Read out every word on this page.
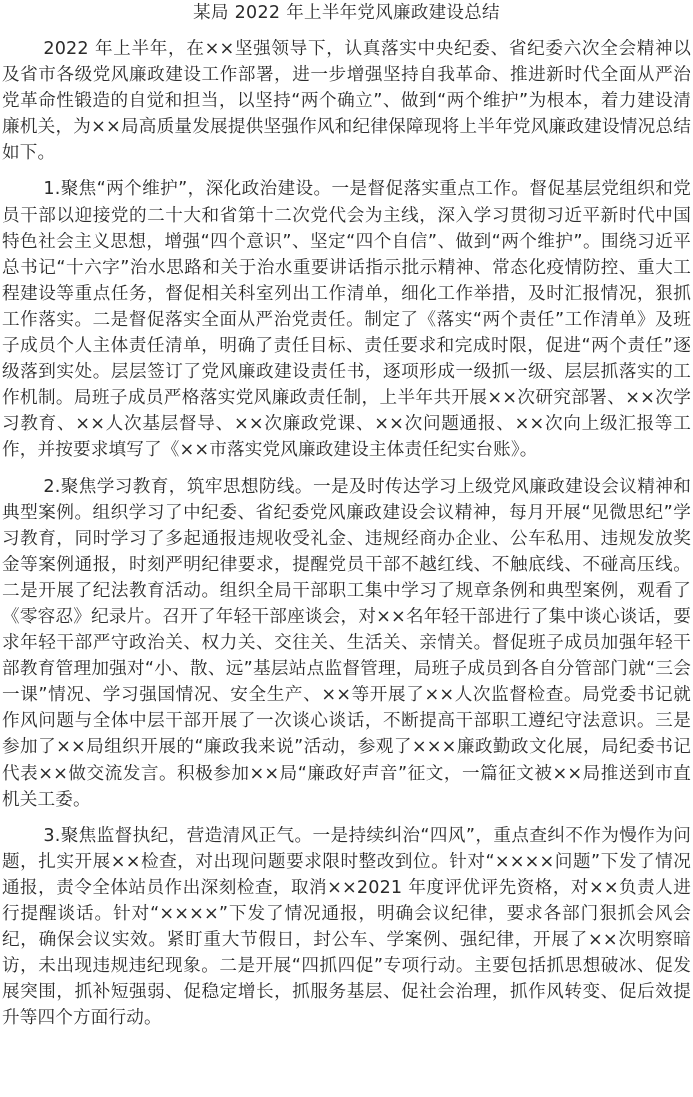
某局 2022 年上半年党风廉政建设总结

2022 年上半年，在××坚强领导下，认真落实中央纪委、省纪委六次全会精神以及省市各级党风廉政建设工作部署，进一步增强坚持自我革命、推进新时代全面从严治党革命性锻造的自觉和担当，以坚持“两个确立”、做到“两个维护”为根本，着力建设清廉机关，为××局高质量发展提供坚强作风和纪律保障现将上半年党风廉政建设情况总结如下。

1.聚焦“两个维护”，深化政治建设。一是督促落实重点工作。督促基层党组织和党员干部以迎接党的二十大和省第十二次党代会为主线，深入学习贯彻习近平新时代中国特色社会主义思想，增强“四个意识”、坚定“四个自信”、做到“两个维护”。围绕习近平总书记“十六字”治水思路和关于治水重要讲话指示批示精神、常态化疫情防控、重大工程建设等重点任务，督促相关科室列出工作清单，细化工作举措，及时汇报情况，狠抓工作落实。二是督促落实全面从严治党责任。制定了《落实“两个责任”工作清单》及班子成员个人主体责任清单，明确了责任目标、责任要求和完成时限，促进“两个责任”逐级落到实处。层层签订了党风廉政建设责任书，逐项形成一级抓一级、层层抓落实的工作机制。局班子成员严格落实党风廉政责任制，上半年共开展××次研究部署、××次学习教育、××人次基层督导、××次廉政党课、××次问题通报、××次向上级汇报等工作，并按要求填写了《××市落实党风廉政建设主体责任纪实台账》。

2.聚焦学习教育，筑牢思想防线。一是及时传达学习上级党风廉政建设会议精神和典型案例。组织学习了中纪委、省纪委党风廉政建设会议精神，每月开展“见微思纪”学习教育，同时学习了多起通报违规收受礼金、违规经商办企业、公车私用、违规发放奖金等案例通报，时刻严明纪律要求，提醒党员干部不越红线、不触底线、不碰高压线。二是开展了纪法教育活动。组织全局干部职工集中学习了规章条例和典型案例，观看了《零容忍》纪录片。召开了年轻干部座谈会，对××名年轻干部进行了集中谈心谈话，要求年轻干部严守政治关、权力关、交往关、生活关、亲情关。督促班子成员加强年轻干部教育管理加强对“小、散、远”基层站点监督管理，局班子成员到各自分管部门就“三会一课”情况、学习强国情况、安全生产、××等开展了××人次监督检查。局党委书记就作风问题与全体中层干部开展了一次谈心谈话，不断提高干部职工遵纪守法意识。三是参加了××局组织开展的“廉政我来说”活动，参观了×××廉政勤政文化展，局纪委书记代表××做交流发言。积极参加××局“廉政好声音”征文，一篇征文被××局推送到市直机关工委。

3.聚焦监督执纪，营造清风正气。一是持续纠治“四风”，重点查纠不作为慢作为问题，扎实开展××检查，对出现问题要求限时整改到位。针对“××××问题”下发了情况通报，责令全体站员作出深刻检查，取消××2021 年度评优评先资格，对××负责人进行提醒谈话。针对“××××”下发了情况通报，明确会议纪律，要求各部门狠抓会风会纪，确保会议实效。紧盯重大节假日，封公车、学案例、强纪律，开展了××次明察暗访，未出现违规违纪现象。二是开展“四抓四促”专项行动。主要包括抓思想破冰、促发展突围，抓补短强弱、促稳定增长，抓服务基层、促社会治理，抓作风转变、促后效提升等四个方面行动。
